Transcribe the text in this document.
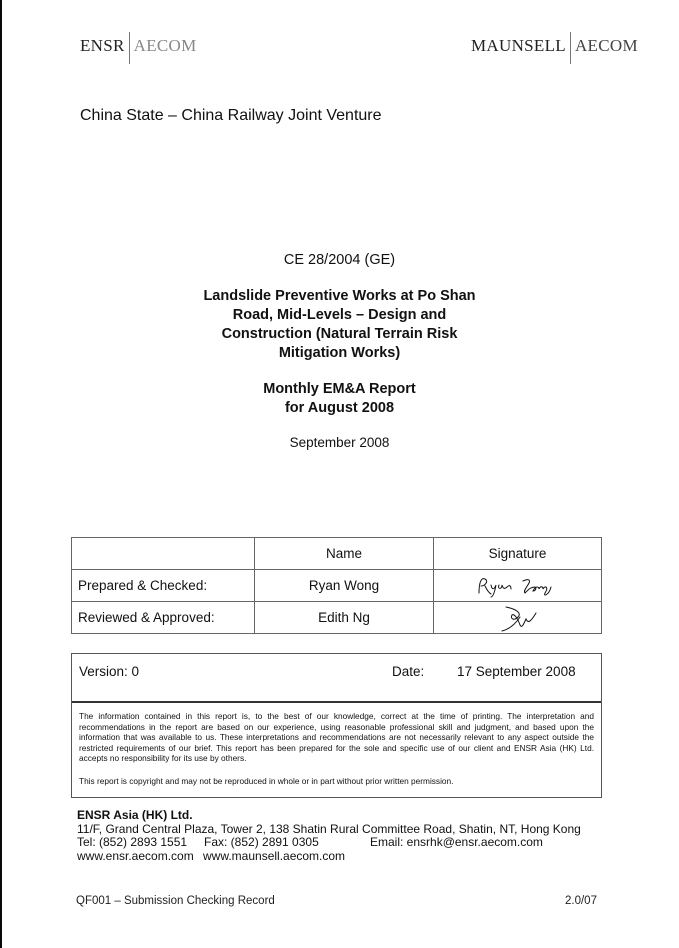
ENSR AECOM	MAUNSELL AECOM
China State – China Railway Joint Venture
CE 28/2004 (GE)
Landslide Preventive Works at Po Shan
Road, Mid-Levels – Design and
Construction (Natural Terrain Risk
Mitigation Works)
Monthly EM&A Report
for August 2008
September 2008
	Name	Signature
Prepared & Checked:	Ryan Wong	

Reviewed & Approved:	Edith Ng	
Version: 0	Date: 17 September 2008

The information contained in this report is, to the best of our knowledge, correct at the time of printing. The interpretation and recommendations in the report are based on our experience, using reasonable professional skill and judgment, and based upon the information that was available to us. These interpretations and recommendations are not necessarily relevant to any aspect outside the restricted requirements of our brief. This report has been prepared for the sole and specific use of our client and ENSR Asia (HK) Ltd. accepts no responsibility for its use by others.

This report is copyright and may not be reproduced in whole or in part without prior written permission.

ENSR Asia (HK) Ltd.
11/F, Grand Central Plaza, Tower 2, 138 Shatin Rural Committee Road, Shatin, NT, Hong Kong
Tel: (852) 2893 1551 Fax: (852) 2891 0305	Email: ensrhk@ensr.aecom.com
www.ensr.aecom.com www.maunsell.aecom.com
QF001 – Submission Checking Record	2.0/07
